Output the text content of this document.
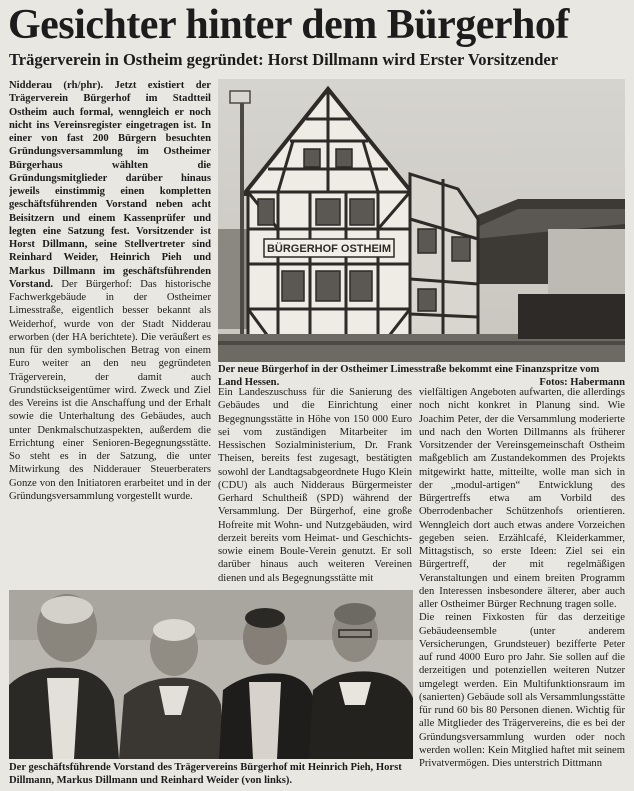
Gesichter hinter dem Bürgerhof
Trägerverein in Ostheim gegründet: Horst Dillmann wird Erster Vorsitzender
Nidderau (rh/phr). Jetzt existiert der Trägerverein Bürgerhof im Stadtteil Ostheim auch formal, wenngleich er noch nicht ins Vereinsregister eingetragen ist. In einer von fast 200 Bürgern besuchten Gründungsversammlung im Ostheimer Bürgerhaus wählten die Gründungsmitglieder darüber hinaus jeweils einstimmig einen kompletten geschäftsführenden Vorstand neben acht Beisitzern und einem Kassenprüfer und legten eine Satzung fest. Vorsitzender ist Horst Dillmann, seine Stellvertreter sind Reinhard Weider, Heinrich Pieh und Markus Dillmann im geschäftsführenden Vorstand. Der Bürgerhof: Das historische Fachwerkgebäude in der Ostheimer Limesstraße, eigentlich besser bekannt als Weiderhof, wurde von der Stadt Nidderau erworben (der HA berichtete). Die veräußert es nun für den symbolischen Betrag von einem Euro weiter an den neu gegründeten Trägerverein, der damit auch Grundstückseigentümer wird. Zweck und Ziel des Vereins ist die Anschaffung und der Erhalt sowie die Unterhaltung des Gebäudes, auch unter Denkmalschutzaspekten, außerdem die Errichtung einer Senioren-Begegnungsstätte. So steht es in der Satzung, die unter Mitwirkung des Nidderauer Steuerberaters Gonze von den Initiatoren erarbeitet und in der Gründungsversammlung vorgestellt wurde.
Ein Landeszuschuss für die Sanierung des Gebäudes und die Einrichtung einer Begegnungsstätte in Höhe von 150 000 Euro sei vom zuständigen Mitarbeiter im Hessischen Sozialministerium, Dr. Frank Theisen, bereits fest zugesagt, bestätigten sowohl der Landtagsabgeordnete Hugo Klein (CDU) als auch Nidderaus Bürgermeister Gerhard Schultheiß (SPD) während der Versammlung. Der Bürgerhof, eine große Hofreite mit Wohn- und Nutzgebäuden, wird derzeit bereits vom Heimat- und Geschichts- sowie einem Boule-Verein genutzt. Er soll darüber hinaus auch weiteren Vereinen dienen und als Begegnungsstätte mit
vielfältigen Angeboten aufwarten, die allerdings noch nicht konkret in Planung sind. Wie Joachim Peter, der die Versammlung moderierte und nach den Worten Dillmanns als früherer Vorsitzender der Vereinsgemeinschaft Ostheim maßgeblich am Zustandekommen des Projekts mitgewirkt hatte, mitteilte, wolle man sich in der „modul-artigen“ Entwicklung des Bürgertreffs etwa am Vorbild des Oberrodenbacher Schützenhofs orientieren. Wenngleich dort auch etwas andere Vorzeichen gegeben seien. Erzählcafé, Kleiderkammer, Mittagstisch, so erste Ideen: Ziel sei ein Bürgertreff, der mit regelmäßigen Veranstaltungen und einem breiten Programm den Interessen insbesondere älterer, aber auch aller Ostheimer Bürger Rechnung tragen solle.
Die reinen Fixkosten für das derzeitige Gebäudeensemble (unter anderem Versicherungen, Grundsteuer) bezifferte Peter auf rund 4000 Euro pro Jahr. Sie sollen auf die derzeitigen und potenziellen weiteren Nutzer umgelegt werden. Ein Multifunktionsraum im (sanierten) Gebäude soll als Versammlungsstätte für rund 60 bis 80 Personen dienen. Wichtig für alle Mitglieder des Trägervereins, die es bei der Gründungsversammlung wurden oder noch werden wollen: Kein Mitglied haftet mit seinem Privatvermögen. Dies unterstrich Dittmann
BÜRGERHOF OSTHEIM
Der neue Bürgerhof in der Ostheimer Limesstraße bekommt eine Finanzspritze vom Land Hessen.	Fotos: Habermann
Der geschäftsführende Vorstand des Trägervereins Bürgerhof mit Heinrich Pieh, Horst Dillmann, Markus Dillmann und Reinhard Weider (von links).
